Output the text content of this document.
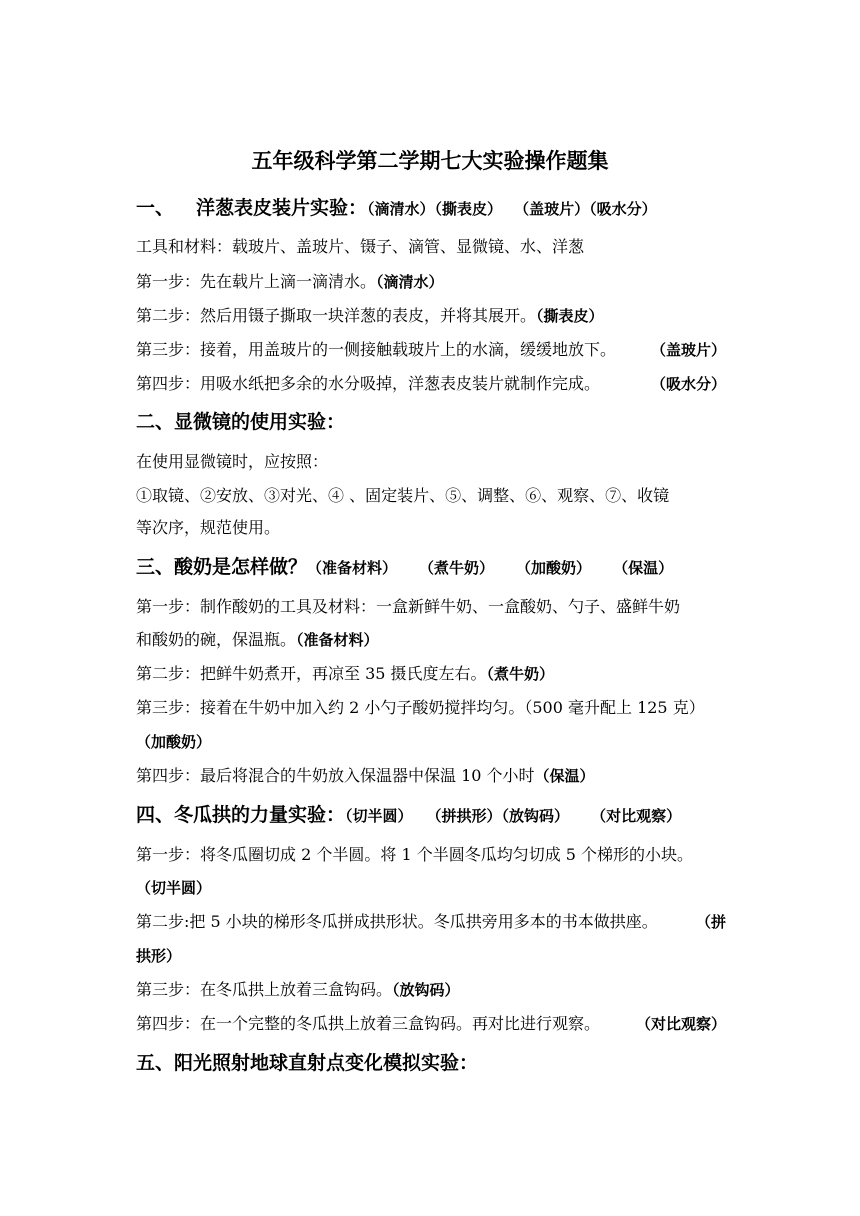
五年级科学第二学期七大实验操作题集
一、 洋葱表皮装片实验：（滴清水）（撕表皮） （盖玻片）（吸水分）
工具和材料：载玻片、盖玻片、镊子、滴管、显微镜、水、洋葱
第一步：先在载片上滴一滴清水。（滴清水）
第二步：然后用镊子撕取一块洋葱的表皮，并将其展开。（撕表皮）
第三步：接着，用盖玻片的一侧接触载玻片上的水滴，缓缓地放下。 （盖玻片）
第四步：用吸水纸把多余的水分吸掉，洋葱表皮装片就制作完成。	（吸水分）
二、显微镜的使用实验：
在使用显微镜时，应按照：
①取镜、②安放、③对光、④ 、固定装片、⑤、调整、⑥、观察、⑦、收镜
等次序，规范使用。
三、酸奶是怎样做？（准备材料） （煮牛奶） （加酸奶） （保温）
第一步：制作酸奶的工具及材料：一盒新鲜牛奶、一盒酸奶、勺子、盛鲜牛奶
和酸奶的碗，保温瓶。（准备材料）
第二步：把鲜牛奶煮开，再凉至 35 摄氏度左右。（煮牛奶）
第三步：接着在牛奶中加入约 2 小勺子酸奶搅拌均匀。（500 毫升配上 125 克）
（加酸奶）
第四步：最后将混合的牛奶放入保温器中保温 10 个小时（保温）
四、冬瓜拱的力量实验：（切半圆） （拼拱形）（放钩码） （对比观察）
第一步：将冬瓜圈切成 2 个半圆。将 1 个半圆冬瓜均匀切成 5 个梯形的小块。
（切半圆）
第二步:把 5 小块的梯形冬瓜拼成拱形状。冬瓜拱旁用多本的书本做拱座。	（拼
拱形）
第三步：在冬瓜拱上放着三盒钩码。（放钩码）
第四步：在一个完整的冬瓜拱上放着三盒钩码。再对比进行观察。 （对比观察）
五、阳光照射地球直射点变化模拟实验：
